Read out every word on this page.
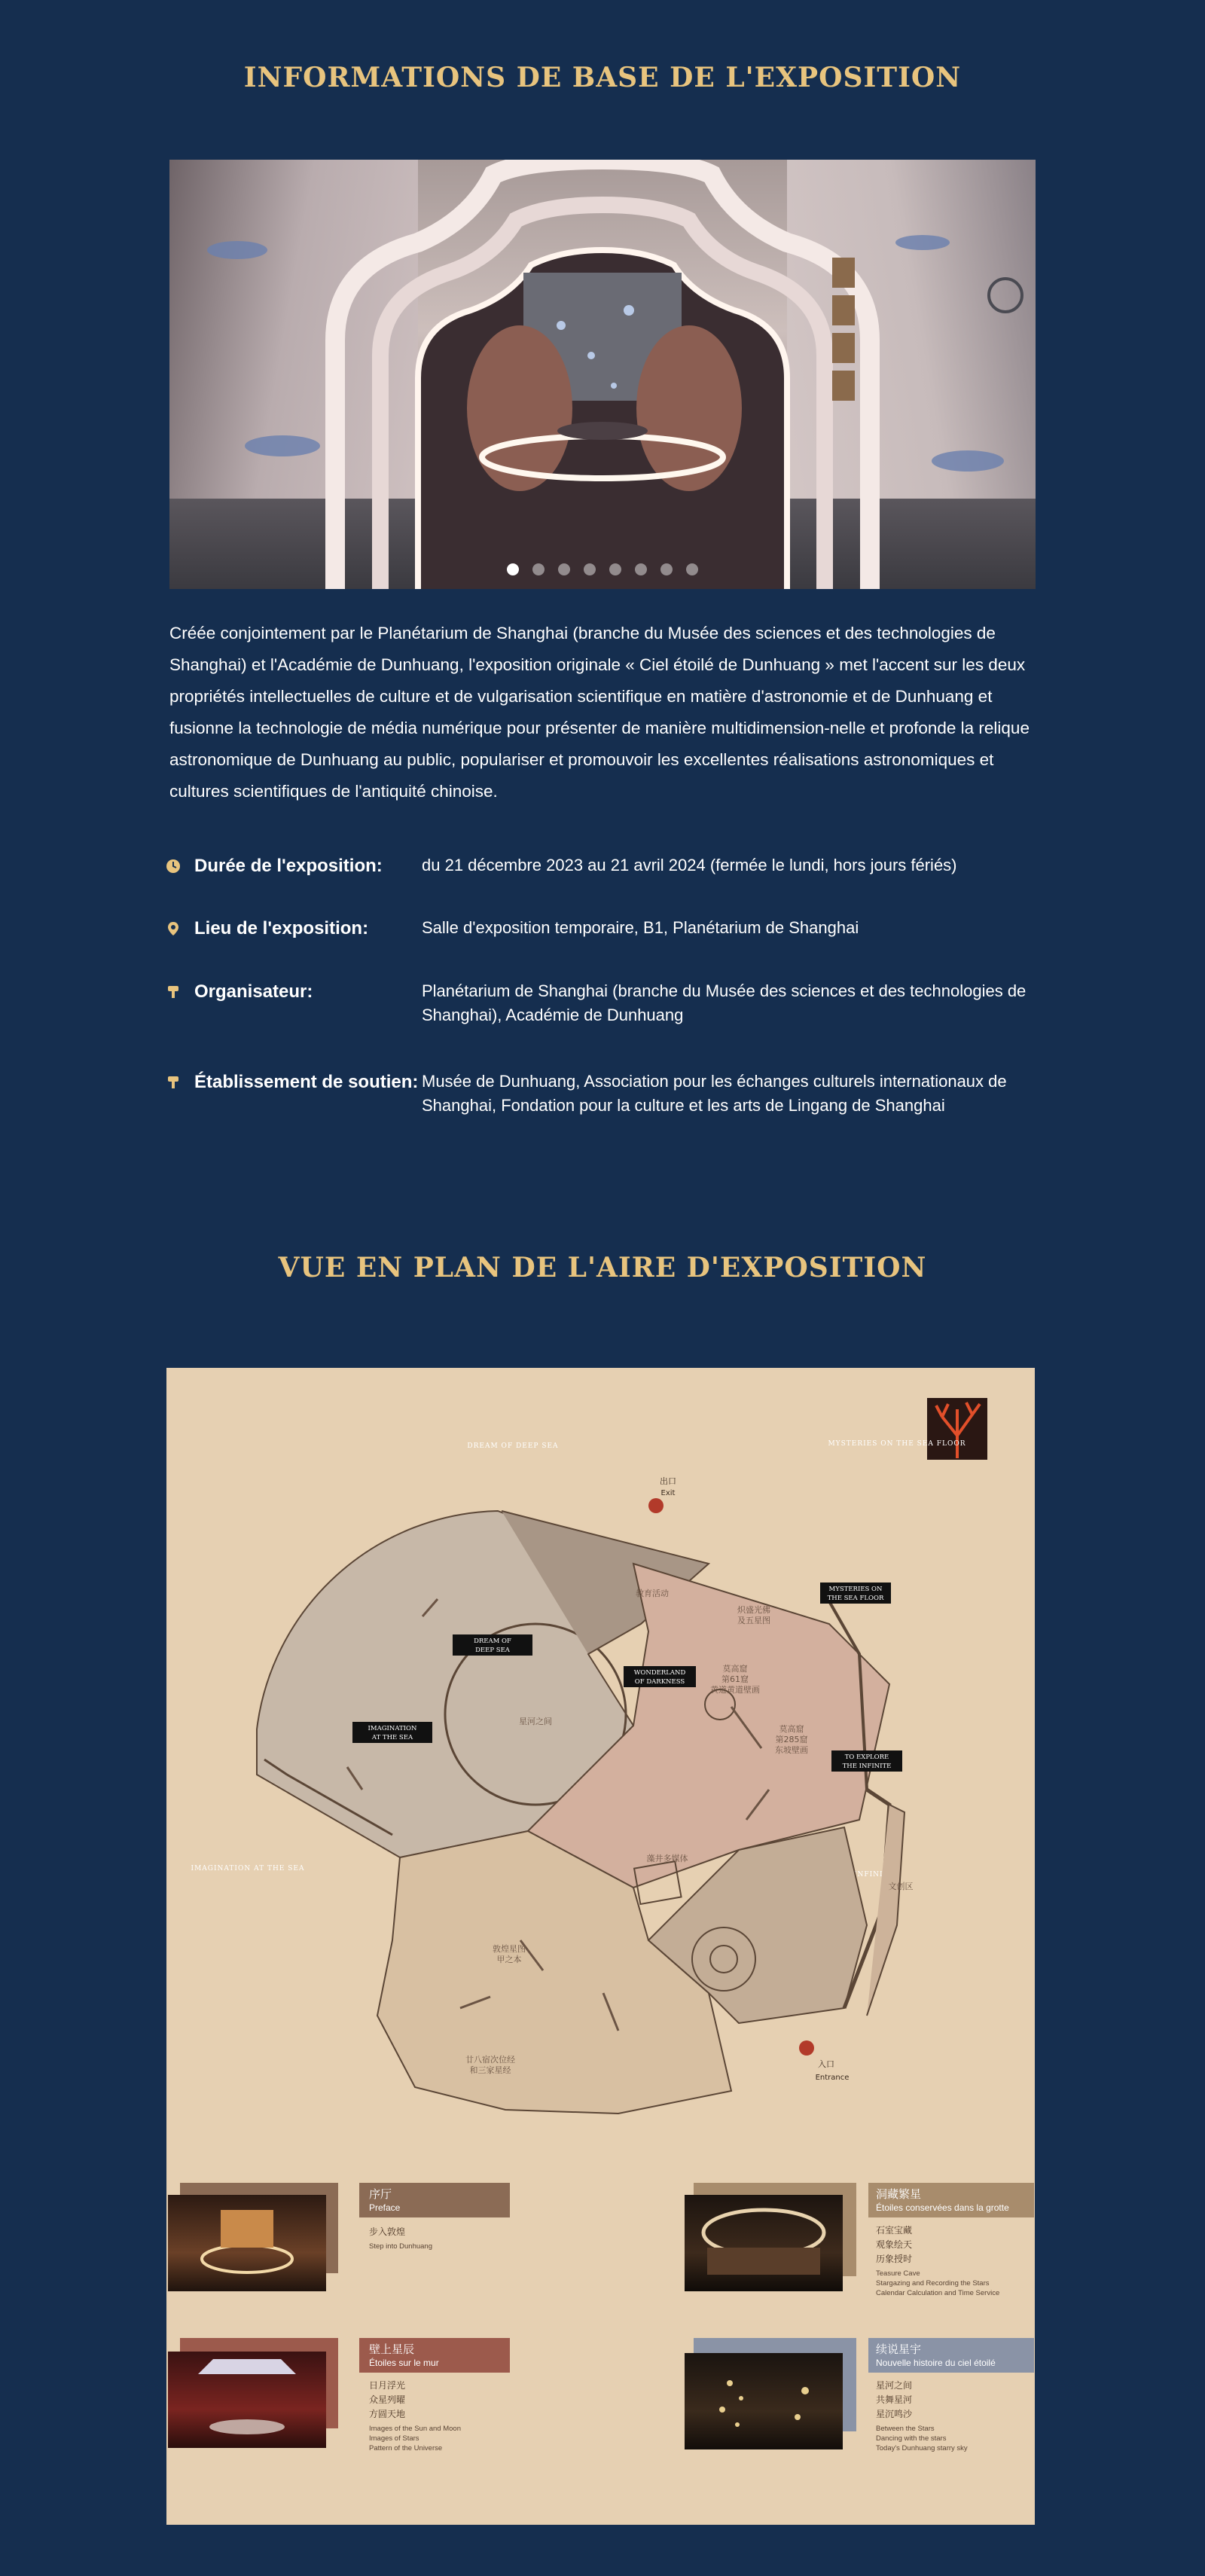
INFORMATIONS DE BASE DE L'EXPOSITION

Créée conjointement par le Planétarium de Shanghai (branche du Musée des sciences et des technologies de Shanghai) et l'Académie de Dunhuang, l'exposition originale « Ciel étoilé de Dunhuang » met l'accent sur les deux propriétés intellectuelles de culture et de vulgarisation scientifique en matière d'astronomie et de Dunhuang et fusionne la technologie de média numérique pour présenter de manière multidimension-nelle et profonde la relique astronomique de Dunhuang au public, populariser et promouvoir les excellentes réalisations astronomiques et cultures scientifiques de l'antiquité chinoise.

Durée de l'exposition:	du 21 décembre 2023 au 21 avril 2024 (fermée le lundi, hors jours fériés)
Lieu de l'exposition:	Salle d'exposition temporaire, B1, Planétarium de Shanghai
Organisateur:	Planétarium de Shanghai (branche du Musée des sciences et des technologies de Shanghai), Académie de Dunhuang
Établissement de soutien: Musée de Dunhuang, Association pour les échanges culturels internationaux de Shanghai, Fondation pour la culture et les arts de Lingang de Shanghai
VUE EN PLAN DE L'AIRE D'EXPOSITION
DREAM OF DEEP SEA	MYSTERIES ON THE SEA FLOOR
IMAGINATION AT THE SEA
INFINITE
教育活动
星河之间
炽盛光佛
及五星图
莫高窟
第61窟
黄道黄道壁画
莫高窟
第285窟
东坡壁画
藻井多媒体
文创区
敦煌星图
甲之本
廿八宿次位经
和三家星经
出口
Exit
入口
Entrance
DREAM OF
DEEP SEA
MYSTERIES ON
THE SEA FLOOR
WONDERLAND
OF DARKNESS
IMAGINATION
AT THE SEA
TO EXPLORE
THE INFINITE
序厅
Preface
步入敦煌
Step into Dunhuang
洞藏繁星
Étoiles conservées dans la grotte
石室宝藏
观象绘天
历象授时
Teasure Cave
Stargazing and Recording the Stars
Calendar Calculation and Time Service
壁上星辰
Étoiles sur le mur
日月浮光
众星列曜
方圆天地
Images of the Sun and Moon
Images of Stars
Pattern of the Universe
续说星宇
Nouvelle histoire du ciel étoilé
星河之间
共舞星河
星沉鸣沙
Between the Stars
Dancing with the stars
Today's Dunhuang starry sky
